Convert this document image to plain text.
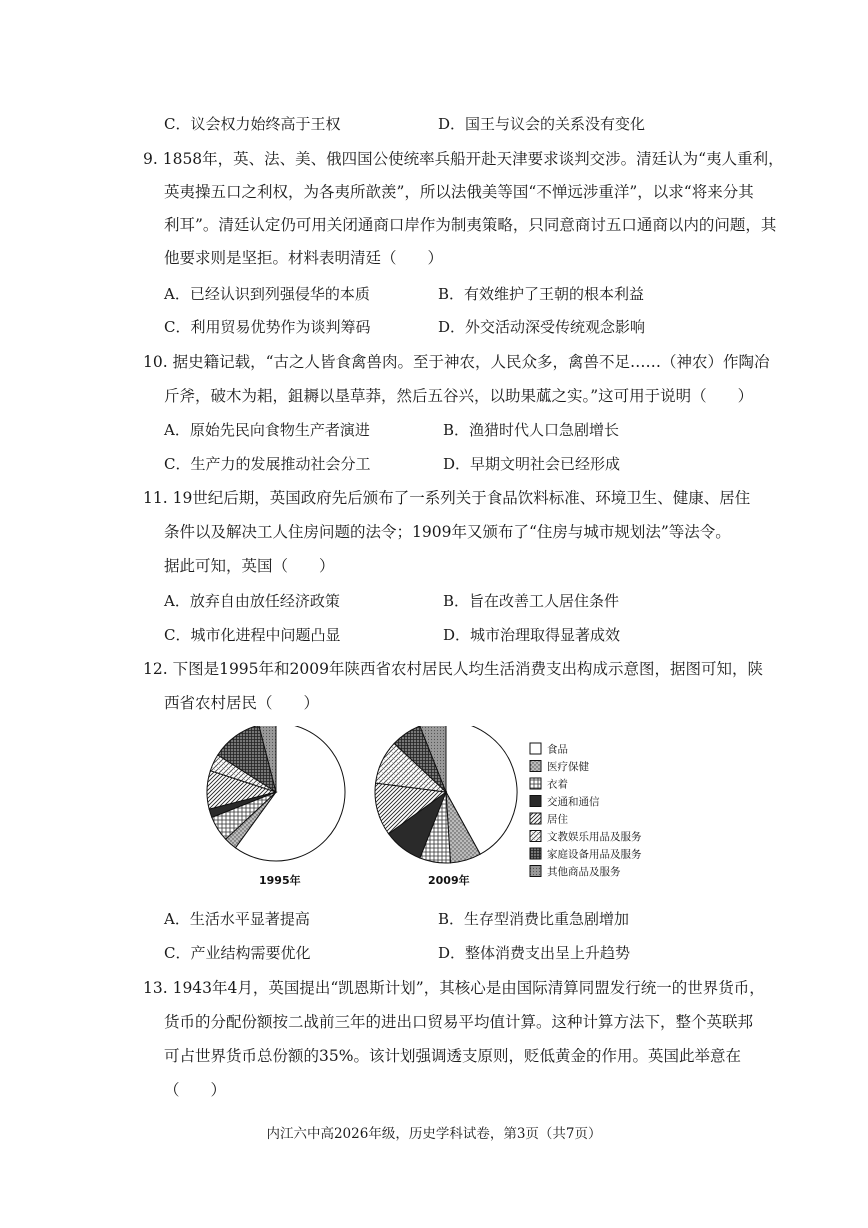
C．议会权力始终高于王权	D．国王与议会的关系没有变化
9. 1858年，英、法、美、俄四国公使统率兵船开赴天津要求谈判交涉。清廷认为“夷人重利，
英夷操五口之利权，为各夷所歆羡”，所以法俄美等国“不惮远涉重洋”，以求“将来分其
利耳”。清廷认定仍可用关闭通商口岸作为制夷策略，只同意商讨五口通商以内的问题，其
他要求则是坚拒。材料表明清廷（　　）
A．已经认识到列强侵华的本质	B．有效维护了王朝的根本利益
C．利用贸易优势作为谈判筹码	D．外交活动深受传统观念影响
10. 据史籍记载，“古之人皆食禽兽肉。至于神农，人民众多，禽兽不足……（神农）作陶冶
斤斧，破木为耜，鉏耨以垦草莽，然后五谷兴，以助果蓏之实。”这可用于说明（　　）
A．原始先民向食物生产者演进	B．渔猎时代人口急剧增长
C．生产力的发展推动社会分工	D．早期文明社会已经形成
11. 19世纪后期，英国政府先后颁布了一系列关于食品饮料标准、环境卫生、健康、居住
条件以及解决工人住房问题的法令；1909年又颁布了“住房与城市规划法”等法令。
据此可知，英国（　　）
A．放弃自由放任经济政策	B．旨在改善工人居住条件
C．城市化进程中问题凸显	D．城市治理取得显著成效
12. 下图是1995年和2009年陕西省农村居民人均生活消费支出构成示意图，据图可知，陕
西省农村居民（　　）
1995年	2009年
食品
医疗保健
衣着
交通和通信
居住
文教娱乐用品及服务
家庭设备用品及服务
其他商品及服务
A．生活水平显著提高	B．生存型消费比重急剧增加
C．产业结构需要优化	D．整体消费支出呈上升趋势
13. 1943年4月，英国提出“凯恩斯计划”，其核心是由国际清算同盟发行统一的世界货币，
货币的分配份额按二战前三年的进出口贸易平均值计算。这种计算方法下，整个英联邦
可占世界货币总份额的35%。该计划强调透支原则，贬低黄金的作用。英国此举意在
（　　）
内江六中高2026年级，历史学科试卷，第3页（共7页）
